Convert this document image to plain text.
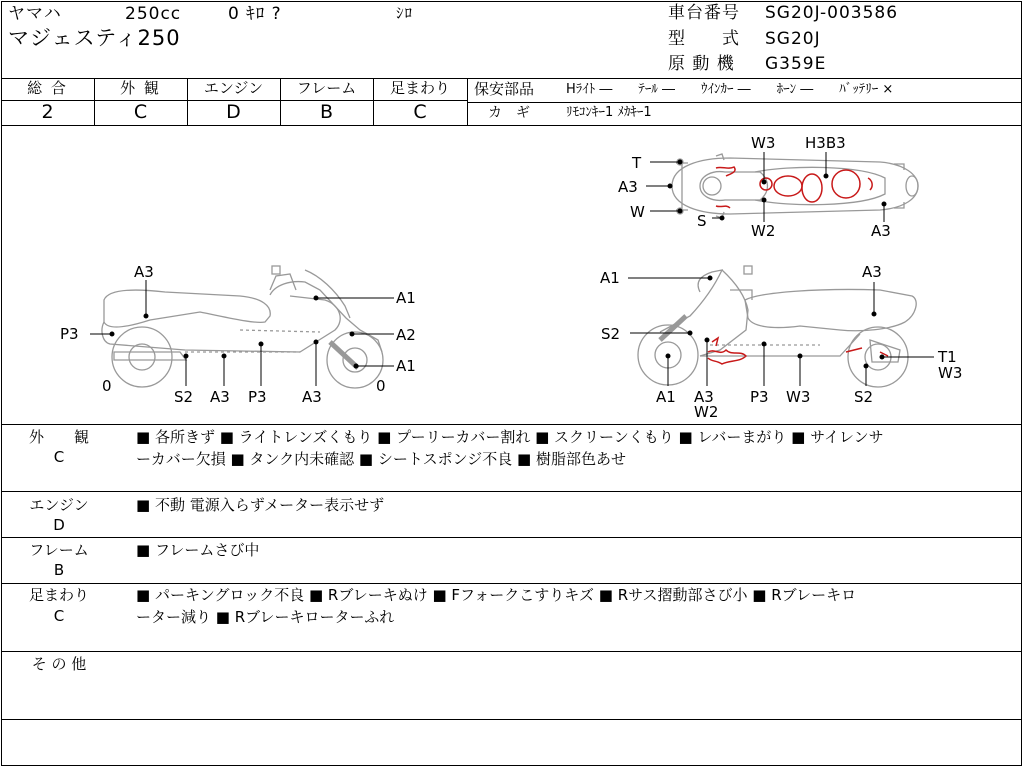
ヤマハ	250cc	0 ｷﾛ ?	ｼﾛ
マジェスティ250
車台番号 SG20J-003586
型　　式 SG20J
原 動 機 G359E
総 合	外 観	エンジン	フレーム	足まわり
2	C	D	B	C
保安部品 Hﾗｲﾄ ―　　ﾃｰﾙ ―　　ｳｲﾝｶｰ ―　　ﾎｰﾝ ―　　ﾊﾞｯﾃﾘｰ ×
カ　ギ	ﾘﾓｺﾝｷｰ1 ﾒｶｷｰ1
T
A3
W	S
W3 H3B3
W2	A3
A3
P3
A1
A2
A1
0	0
S2 A3 P3 A3
A1	A3
S2
T1
W3
A1 A3
W2
P3 W3	S2
外　　観
C
■ 各所きず ■ ライトレンズくもり ■ プーリーカバー割れ ■ スクリーンくもり ■ レバーまがり ■ サイレンサ
ーカバー欠損 ■ タンク内未確認 ■ シートスポンジ不良 ■ 樹脂部色あせ
エンジン
D
■ 不動 電源入らずメーター表示せず
フレーム
B
■ フレームさび中
足まわり
C
■ パーキングロック不良 ■ Rブレーキぬけ ■ Fフォークこすりキズ ■ Rサス摺動部さび小 ■ Rブレーキロ
ーター減り ■ Rブレーキローターふれ
そ の 他
